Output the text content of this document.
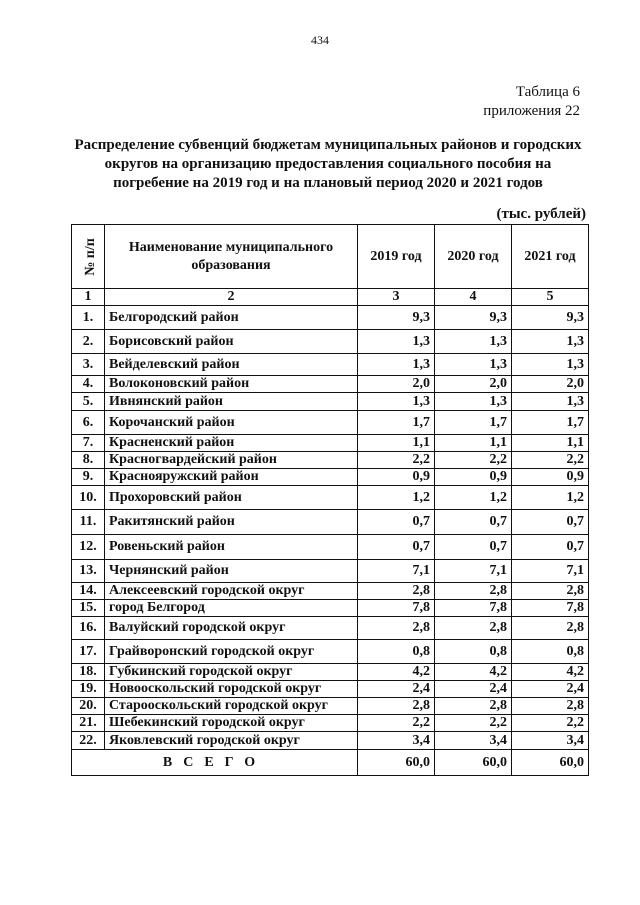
434
Таблица 6
приложения 22
Распределение субвенций бюджетам муниципальных районов и городских
округов на организацию предоставления социального пособия на
погребение на 2019 год и на плановый период 2020 и 2021 годов
(тыс. рублей)
№ п/п	Наименование муниципального образования	2019 год	2020 год	2021 год
1	2	3	4	5
1.	Белгородский район	9,3	9,3	9,3
2.	Борисовский район	1,3	1,3	1,3
3.	Вейделевский район	1,3	1,3	1,3
4.	Волоконовский район	2,0	2,0	2,0
5.	Ивнянский район	1,3	1,3	1,3
6.	Корочанский район	1,7	1,7	1,7
7.	Красненский район	1,1	1,1	1,1
8.	Красногвардейский район	2,2	2,2	2,2
9.	Краснояружский район	0,9	0,9	0,9
10.	Прохоровский район	1,2	1,2	1,2
11.	Ракитянский район	0,7	0,7	0,7
12.	Ровеньский район	0,7	0,7	0,7
13.	Чернянский район	7,1	7,1	7,1
14.	Алексеевский городской округ	2,8	2,8	2,8
15.	город Белгород	7,8	7,8	7,8
16.	Валуйский городской округ	2,8	2,8	2,8
17.	Грайворонский городской округ	0,8	0,8	0,8
18.	Губкинский городской округ	4,2	4,2	4,2
19.	Новооскольский городской округ	2,4	2,4	2,4
20.	Старооскольский городской округ	2,8	2,8	2,8
21.	Шебекинский городской округ	2,2	2,2	2,2
22.	Яковлевский городской округ	3,4	3,4	3,4
ВСЕГО		60,0	60,0	60,0
